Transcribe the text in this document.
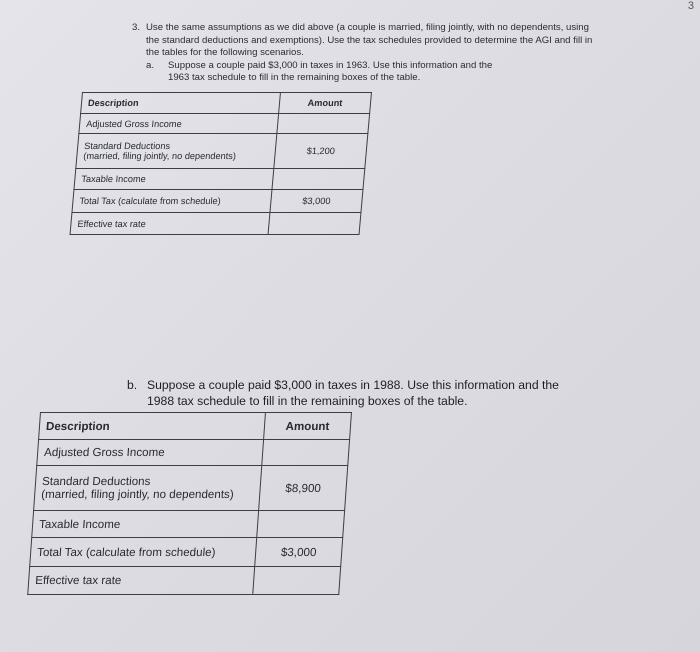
3
3. Use the same assumptions as we did above (a couple is married, filing jointly, with no dependents, using the standard deductions and exemptions). Use the tax schedules provided to determine the AGI and fill in the tables for the following scenarios.
a. Suppose a couple paid $3,000 in taxes in 1963. Use this information and the
1963 tax schedule to fill in the remaining boxes of the table.
Description	Amount
Adjusted Gross Income	

Standard Deductions
(married, filing jointly, no dependents)	$1,200
Taxable Income	
Total Tax (calculate from schedule)	$3,000
Effective tax rate	
b. Suppose a couple paid $3,000 in taxes in 1988. Use this information and the
1988 tax schedule to fill in the remaining boxes of the table.
Description	Amount
Adjusted Gross Income	

Standard Deductions
(married, filing jointly, no dependents)	$8,900
Taxable Income	
Total Tax (calculate from schedule)	$3,000
Effective tax rate	
